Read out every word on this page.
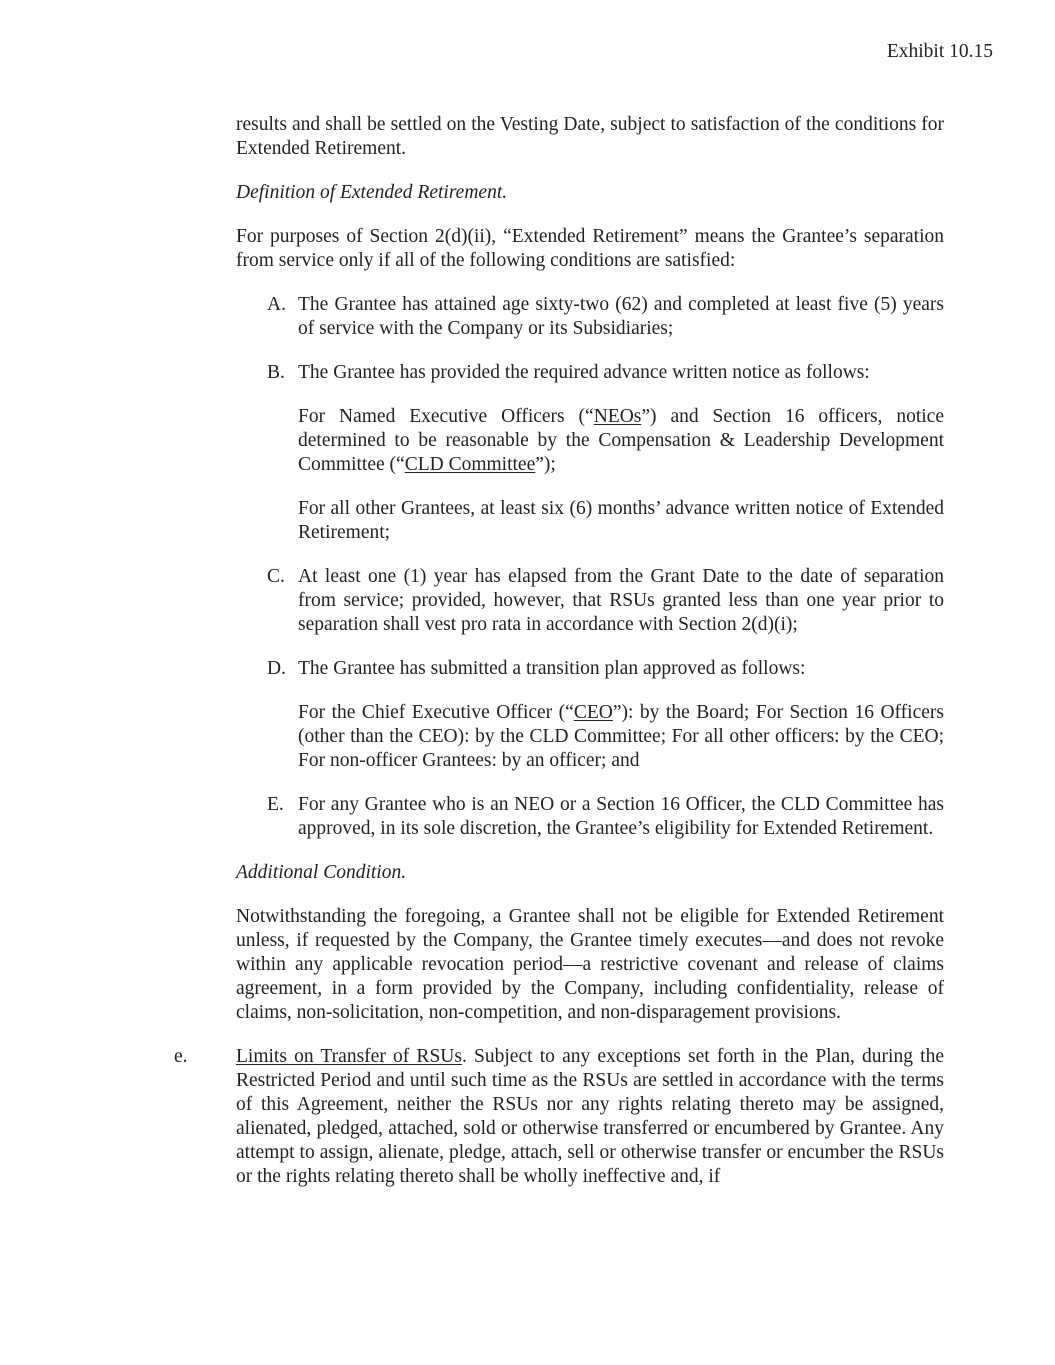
Exhibit 10.15

results and shall be settled on the Vesting Date, subject to satisfaction of the conditions for Extended Retirement.

Definition of Extended Retirement.

For purposes of Section 2(d)(ii), “Extended Retirement” means the Grantee’s separation from service only if all of the following conditions are satisfied:

A. The Grantee has attained age sixty-two (62) and completed at least five (5) years of service with the Company or its Subsidiaries;

B. The Grantee has provided the required advance written notice as follows:

For Named Executive Officers (“NEOs”) and Section 16 officers, notice determined to be reasonable by the Compensation & Leadership Development Committee (“CLD Committee”);

For all other Grantees, at least six (6) months’ advance written notice of Extended Retirement;

C. At least one (1) year has elapsed from the Grant Date to the date of separation from service; provided, however, that RSUs granted less than one year prior to separation shall vest pro rata in accordance with Section 2(d)(i);

D. The Grantee has submitted a transition plan approved as follows:

For the Chief Executive Officer (“CEO”): by the Board; For Section 16 Officers (other than the CEO): by the CLD Committee; For all other officers: by the CEO; For non-officer Grantees: by an officer; and

E. For any Grantee who is an NEO or a Section 16 Officer, the CLD Committee has approved, in its sole discretion, the Grantee’s eligibility for Extended Retirement.

Additional Condition.

Notwithstanding the foregoing, a Grantee shall not be eligible for Extended Retirement unless, if requested by the Company, the Grantee timely executes—and does not revoke within any applicable revocation period—a restrictive covenant and release of claims agreement, in a form provided by the Company, including confidentiality, release of claims, non-solicitation, non-competition, and non-disparagement provisions.

e. Limits on Transfer of RSUs. Subject to any exceptions set forth in the Plan, during the Restricted Period and until such time as the RSUs are settled in accordance with the terms of this Agreement, neither the RSUs nor any rights relating thereto may be assigned, alienated, pledged, attached, sold or otherwise transferred or encumbered by Grantee. Any attempt to assign, alienate, pledge, attach, sell or otherwise transfer or encumber the RSUs or the rights relating thereto shall be wholly ineffective and, if
